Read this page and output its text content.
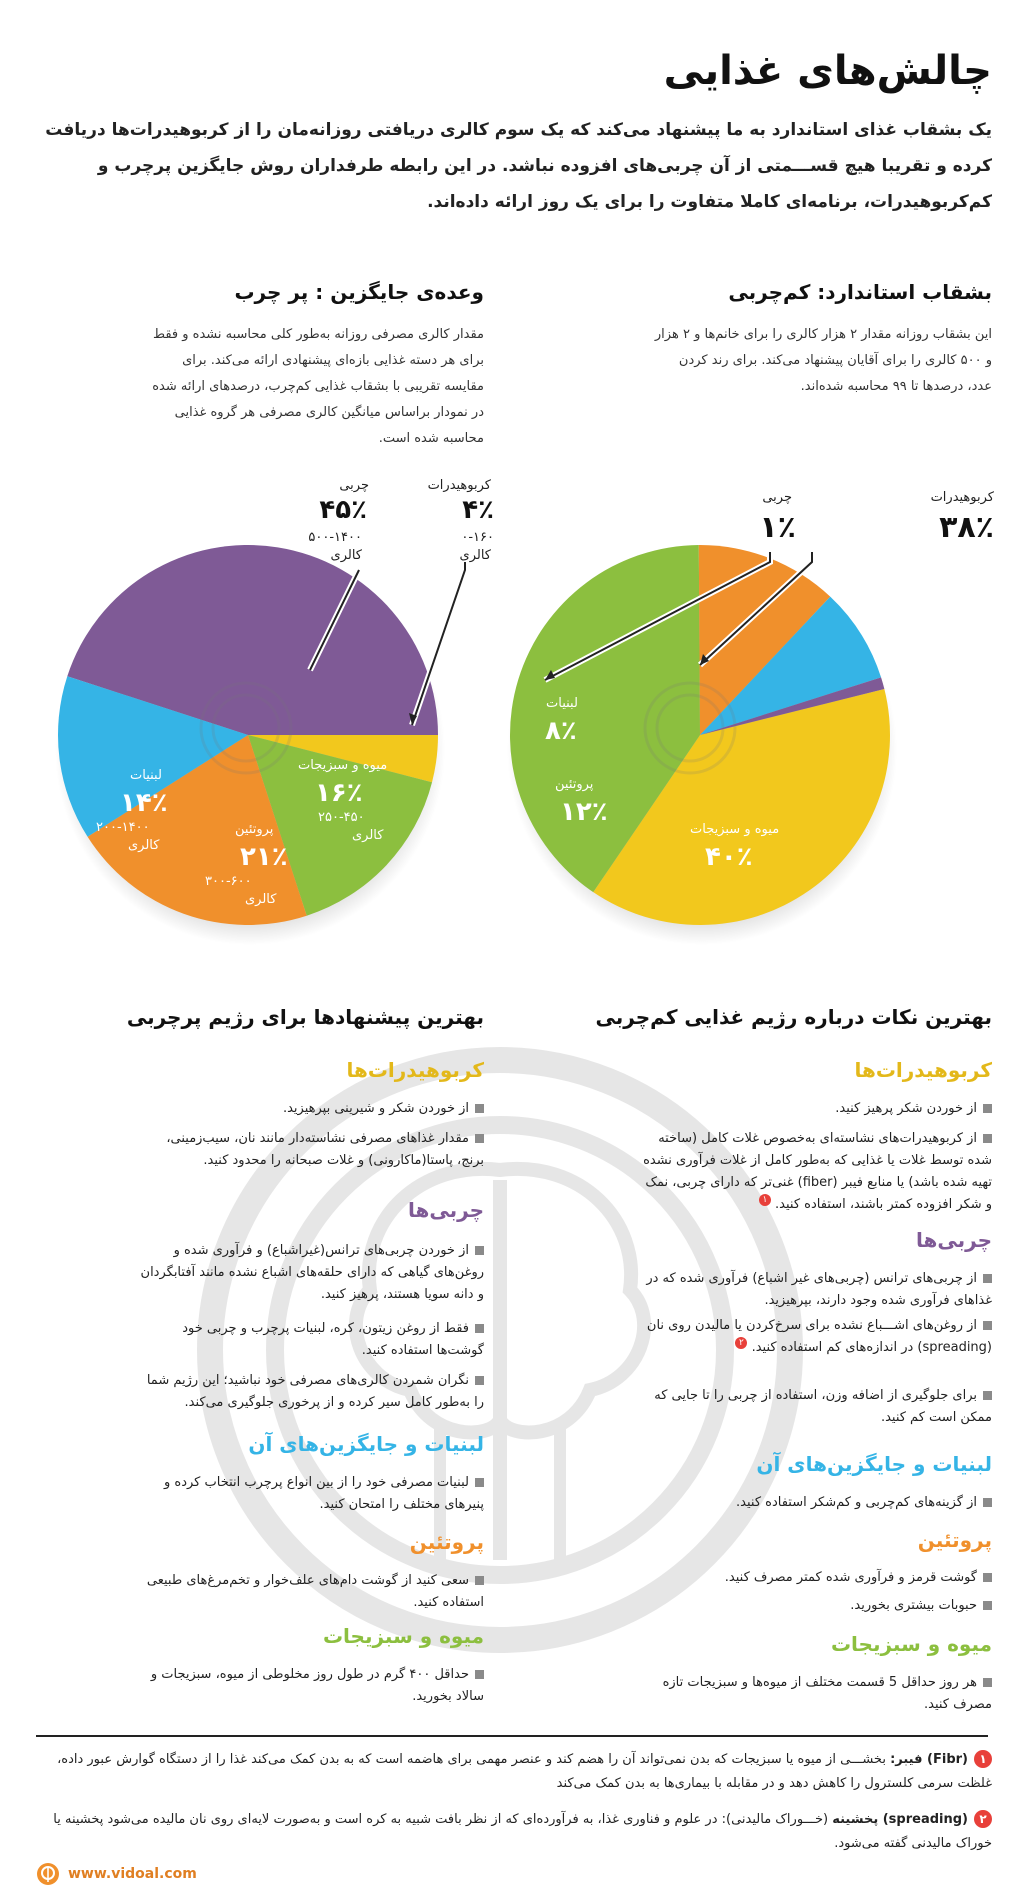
چالش‌های غذایی
یک بشقاب غذای استاندارد به ما پیشنهاد می‌کند که یک سوم کالری دریافتی روزانه‌مان را از کربوهیدرات‌ها دریافت کرده و تقریبا هیچ قســـمتی از آن چربی‌های افزوده نباشد. در این رابطه طرفداران روش جایگزین پرچرب و کم‌کربوهیدرات، برنامه‌ای کاملا متفاوت را برای یک روز ارائه داده‌اند.
بشقاب استاندارد: کم‌چربی
این بشقاب روزانه مقدار ۲ هزار کالری را برای خانم‌ها و ۲ هزار و ۵۰۰ کالری را برای آقایان پیشنهاد می‌کند. برای رند کردن عدد، درصدها تا ۹۹ محاسبه شده‌اند.
وعده‌ی جایگزین : پر چرب
مقدار کالری مصرفی روزانه به‌طور کلی محاسبه نشده و فقط برای هر دسته غذایی بازه‌ای پیشنهادی ارائه می‌کند. برای مقایسه تقریبی با بشقاب غذایی کم‌چرب، درصدهای ارائه شده در نمودار براساس میانگین کالری مصرفی هر گروه غذایی محاسبه شده است.
کربوهیدرات
۳۸٪
چربی
۱٪
کربوهیدرات
۴٪
۰-۱۶۰
کالری
چربی
۴۵٪
۵۰۰-۱۴۰۰
کالری
لبنیات
۸٪
پروتئین
۱۲٪
میوه و سبزیجات
۴۰٪
میوه و سبزیجات
۱۶٪
۲۵۰-۴۵۰
کالری
لبنیات
۱۴٪
۲۰۰-۱۴۰۰
کالری
پروتئین
۲۱٪
۳۰۰-۶۰۰
کالری
بهترین نکات درباره رژیم غذایی کم‌چربی
کربوهیدرات‌ها
از خوردن شکر پرهیز کنید.
از کربوهیدرات‌های نشاسته‌ای به‌خصوص غلات کامل (ساخته شده توسط غلات یا غذایی که به‌طور کامل از غلات فرآوری نشده تهیه شده باشد) یا منابع فیبر (fiber) غنی‌تر که دارای چربی، نمک و شکر افزوده کمتر باشند، استفاده کنید. ۱
چربی‌ها
از چربی‌های ترانس (چربی‌های غیر اشباع) فرآوری شده که در غذاهای فرآوری شده وجود دارند، بپرهیزید.
از روغن‌های اشـــباع نشده برای سرخ‌کردن یا مالیدن روی نان (spreading) در اندازه‌های کم استفاده کنید. ۲
برای جلوگیری از اضافه وزن، استفاده از چربی را تا جایی که ممکن است کم کنید.
لبنیات و جایگزین‌های آن
از گزینه‌های کم‌چربی و کم‌شکر استفاده کنید.
پروتئین
گوشت قرمز و فرآوری شده کمتر مصرف کنید.
حبوبات بیشتری بخورید.
میوه و سبزیجات
هر روز حداقل 5 قسمت مختلف از میوه‌ها و سبزیجات تازه مصرف کنید.
بهترین پیشنهادها برای رژیم پرچربی
کربوهیدرات‌ها
از خوردن شکر و شیرینی بپرهیزید.
مقدار غذاهای مصرفی نشاسته‌دار مانند نان، سیب‌زمینی، برنج، پاستا(ماکارونی) و غلات صبحانه را محدود کنید.
چربی‌ها
از خوردن چربی‌های ترانس(غیراشباع) و فرآوری شده و روغن‌های گیاهی که دارای حلقه‌های اشباع نشده مانند آفتابگردان و دانه سویا هستند، پرهیز کنید.
فقط از روغن زیتون، کره، لبنیات پرچرب و چربی خود گوشت‌ها استفاده کنید.
نگران شمردن کالری‌های مصرفی خود نباشید؛ این رژیم شما را به‌طور کامل سیر کرده و از پرخوری جلوگیری می‌کند.
لبنیات و جایگزین‌های آن
لبنیات مصرفی خود را از بین انواع پرچرب انتخاب کرده و پنیرهای مختلف را امتحان کنید.
پروتئین
سعی کنید از گوشت دام‌های علف‌خوار و تخم‌مرغ‌های طبیعی استفاده کنید.
میوه و سبزیجات
حداقل ۴۰۰ گرم در طول روز مخلوطی از میوه، سبزیجات و سالاد بخورید.
۱(Fibr) فیبر: بخشـــی از میوه یا سبزیجات که بدن نمی‌تواند آن را هضم کند و عنصر مهمی برای هاضمه است که به بدن کمک می‌کند غذا را از دستگاه گوارش عبور داده، غلظت سرمی کلسترول را کاهش دهد و در مقابله با بیماری‌ها به بدن کمک می‌کند
۲(spreading) پخشینه (خـــوراک مالیدنی): در علوم و فناوری غذا، به فرآورده‌ای که از نظر بافت شبیه به کره است و به‌صورت لایه‌ای روی نان مالیده می‌شود پخشینه یا خوراک مالیدنی گفته می‌شود.
www.vidoal.com
